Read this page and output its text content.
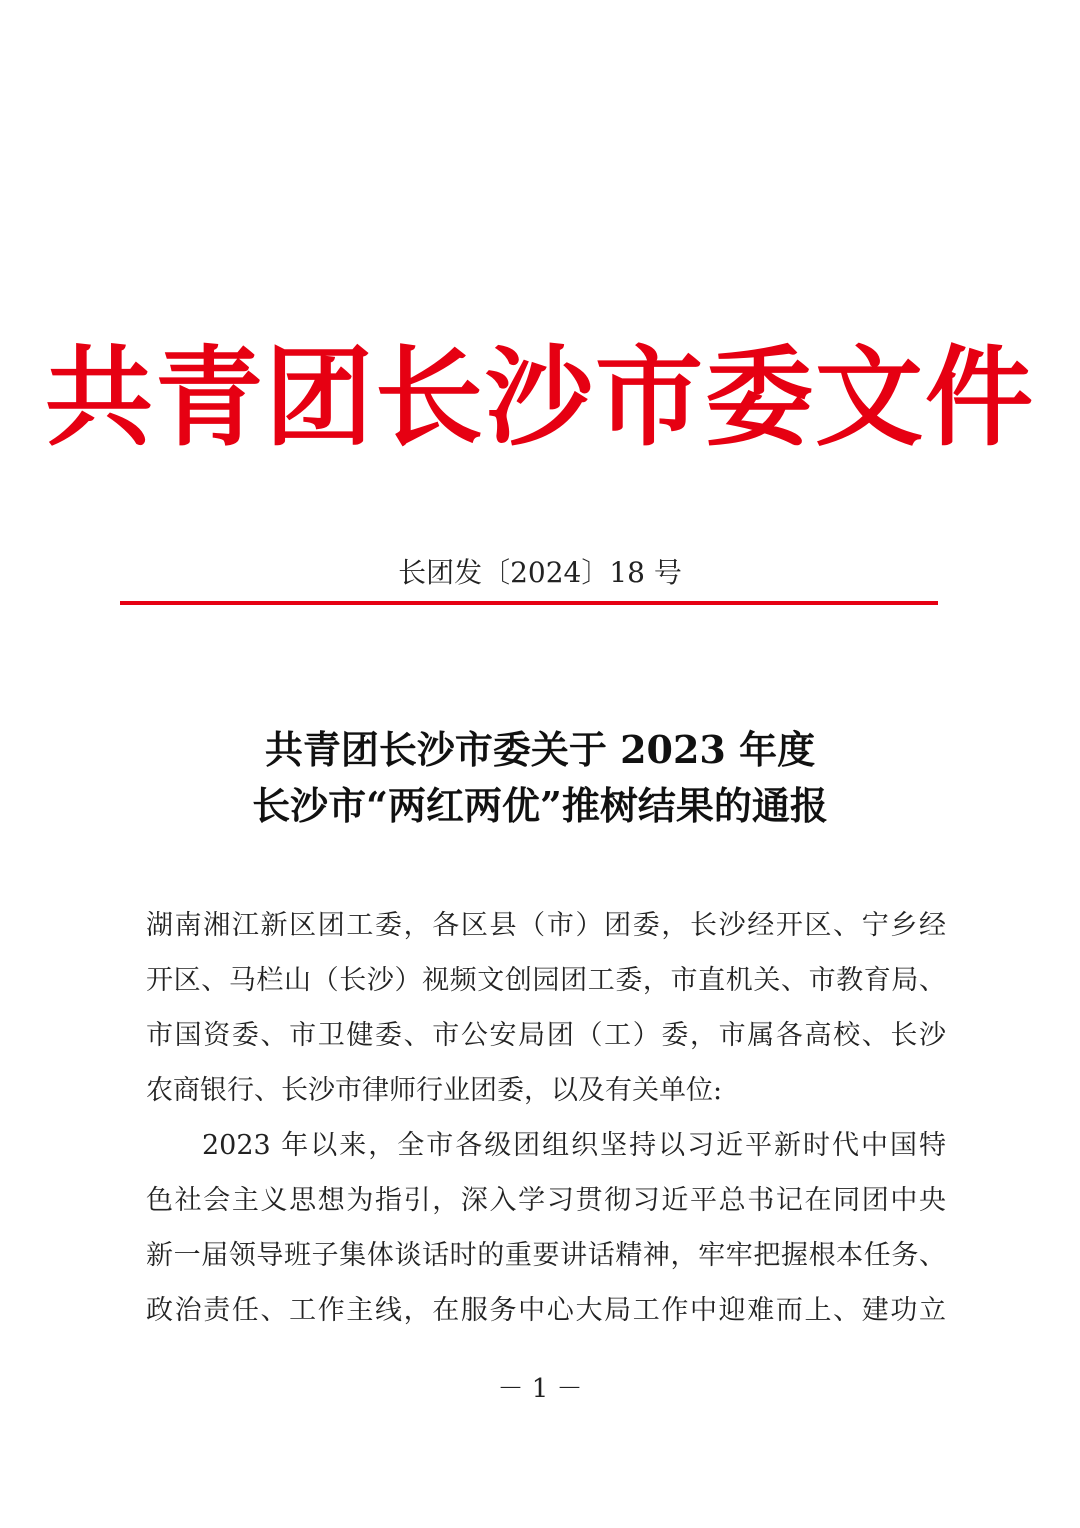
共青团长沙市委文件
长团发〔2024〕18 号
共青团长沙市委关于 2023 年度
长沙市“两红两优”推树结果的通报
湖南湘江新区团工委，各区县（市）团委，长沙经开区、宁乡经
开区、马栏山（长沙）视频文创园团工委，市直机关、市教育局、
市国资委、市卫健委、市公安局团（工）委，市属各高校、长沙
农商银行、长沙市律师行业团委，以及有关单位:
2023 年以来，全市各级团组织坚持以习近平新时代中国特
色社会主义思想为指引，深入学习贯彻习近平总书记在同团中央
新一届领导班子集体谈话时的重要讲话精神，牢牢把握根本任务、
政治责任、工作主线，在服务中心大局工作中迎难而上、建功立
－ 1 －
